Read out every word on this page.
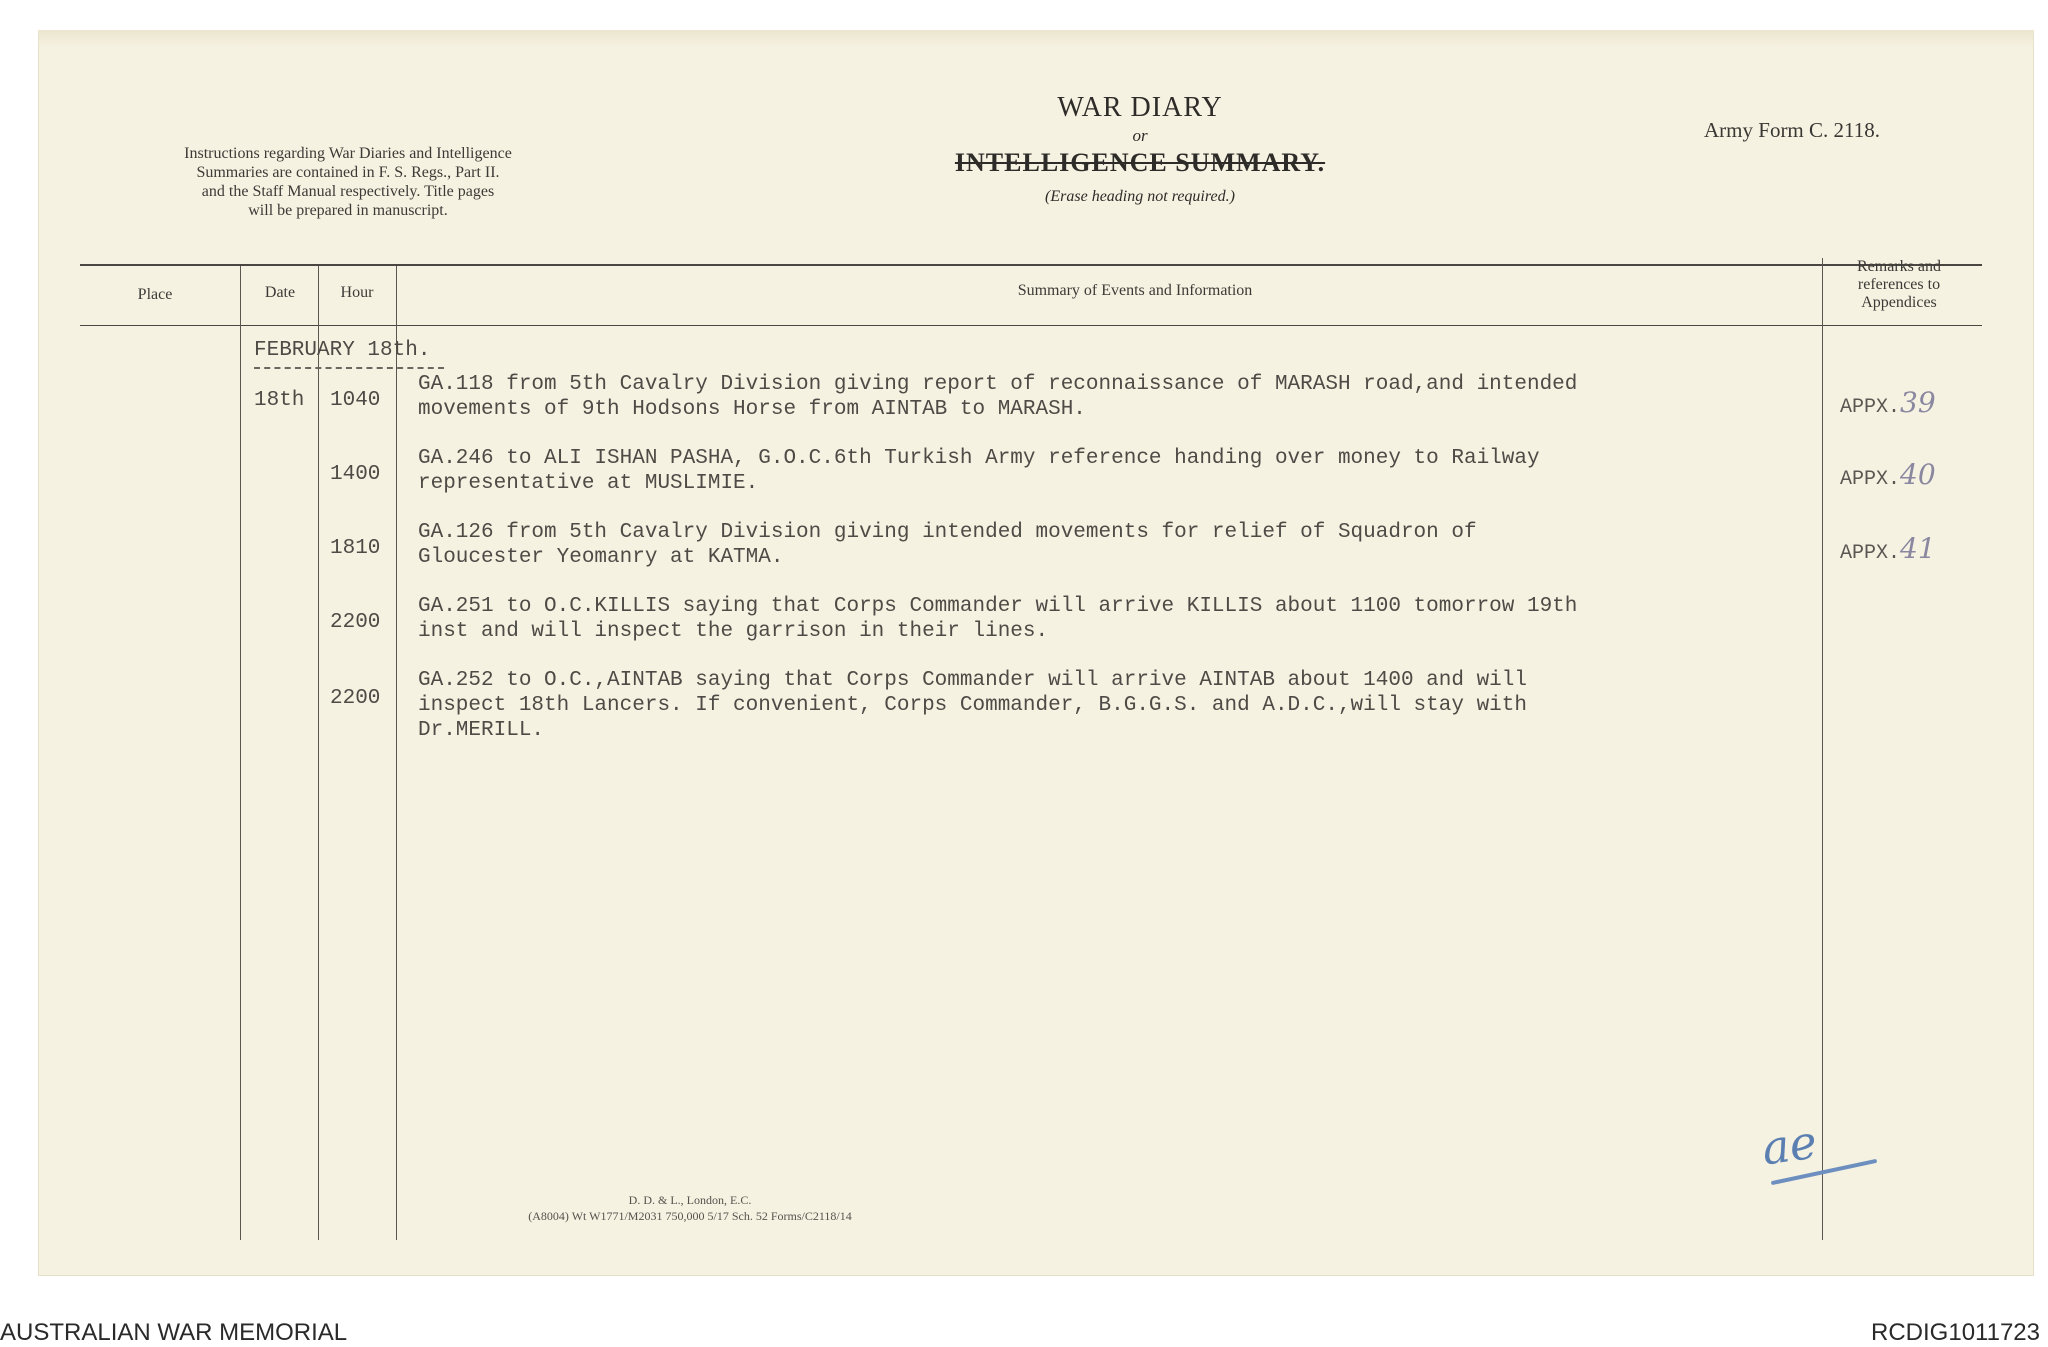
Instructions regarding War Diaries and Intelligence
Summaries are contained in F. S. Regs., Part II.
and the Staff Manual respectively. Title pages
will be prepared in manuscript.
WAR DIARY
or
INTELLIGENCE SUMMARY.
(Erase heading not required.)
Army Form C. 2118.
Place	Date	Hour	Summary of Events and Information
Remarks and
references to
Appendices
FEBRUARY 18th.
18th 1040
GA.118 from 5th Cavalry Division giving report of reconnaissance of MARASH road,and intended
movements of 9th Hodsons Horse from AINTAB to MARASH.	APPX.39
1400
GA.246 to ALI ISHAN PASHA, G.O.C.6th Turkish Army reference handing over money to Railway
representative at MUSLIMIE.	APPX.40
1810
GA.126 from 5th Cavalry Division giving intended movements for relief of Squadron of
Gloucester Yeomanry at KATMA.	APPX.41
2200
GA.251 to O.C.KILLIS saying that Corps Commander will arrive KILLIS about 1100 tomorrow 19th
inst and will inspect the garrison in their lines.
2200
GA.252 to O.C.,AINTAB saying that Corps Commander will arrive AINTAB about 1400 and will
inspect 18th Lancers. If convenient, Corps Commander, B.G.G.S. and A.D.C.,will stay with
Dr.MERILL.
D. D. & L., London, E.C.
(A8004) Wt W1771/M2031 750,000 5/17 Sch. 52 Forms/C2118/14
ae
AUSTRALIAN WAR MEMORIAL	RCDIG1011723
